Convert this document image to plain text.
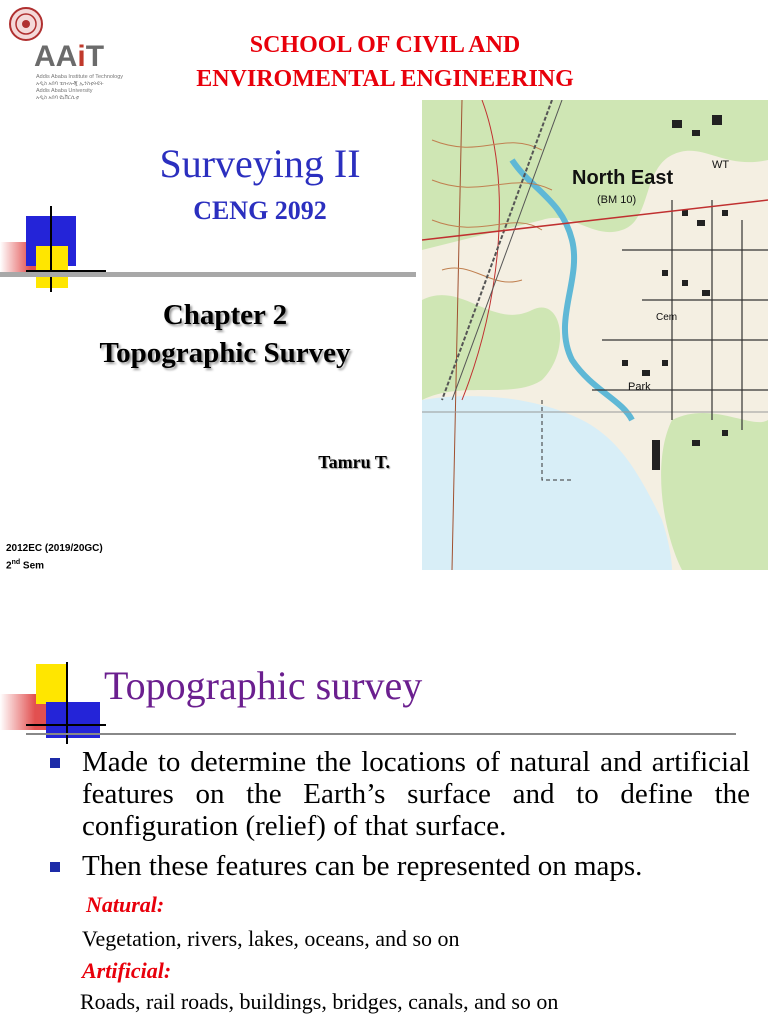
AAiT
Addis Ababa Institute of Technology
አዲስ አበባ ቴክኖሎጂ ኢንስቲትዩት
Addis Ababa University
አዲስ አበባ ዩኒቨርሲቲ
SCHOOL OF CIVIL AND
ENVIROMENTAL ENGINEERING
Surveying II
CENG 2092
Chapter 2
Topographic Survey
Tamru T.
2012EC (2019/20GC)
2nd Sem
North East
(BM 10)
WT
Park
Cem
Topographic survey
Made to determine the locations of natural and artificial features on the Earth’s surface and to define the configuration (relief) of that surface.
Then these features can be represented on maps.
Natural:
Vegetation, rivers, lakes, oceans, and so on
Artificial:
Roads, rail roads, buildings, bridges, canals, and so on
